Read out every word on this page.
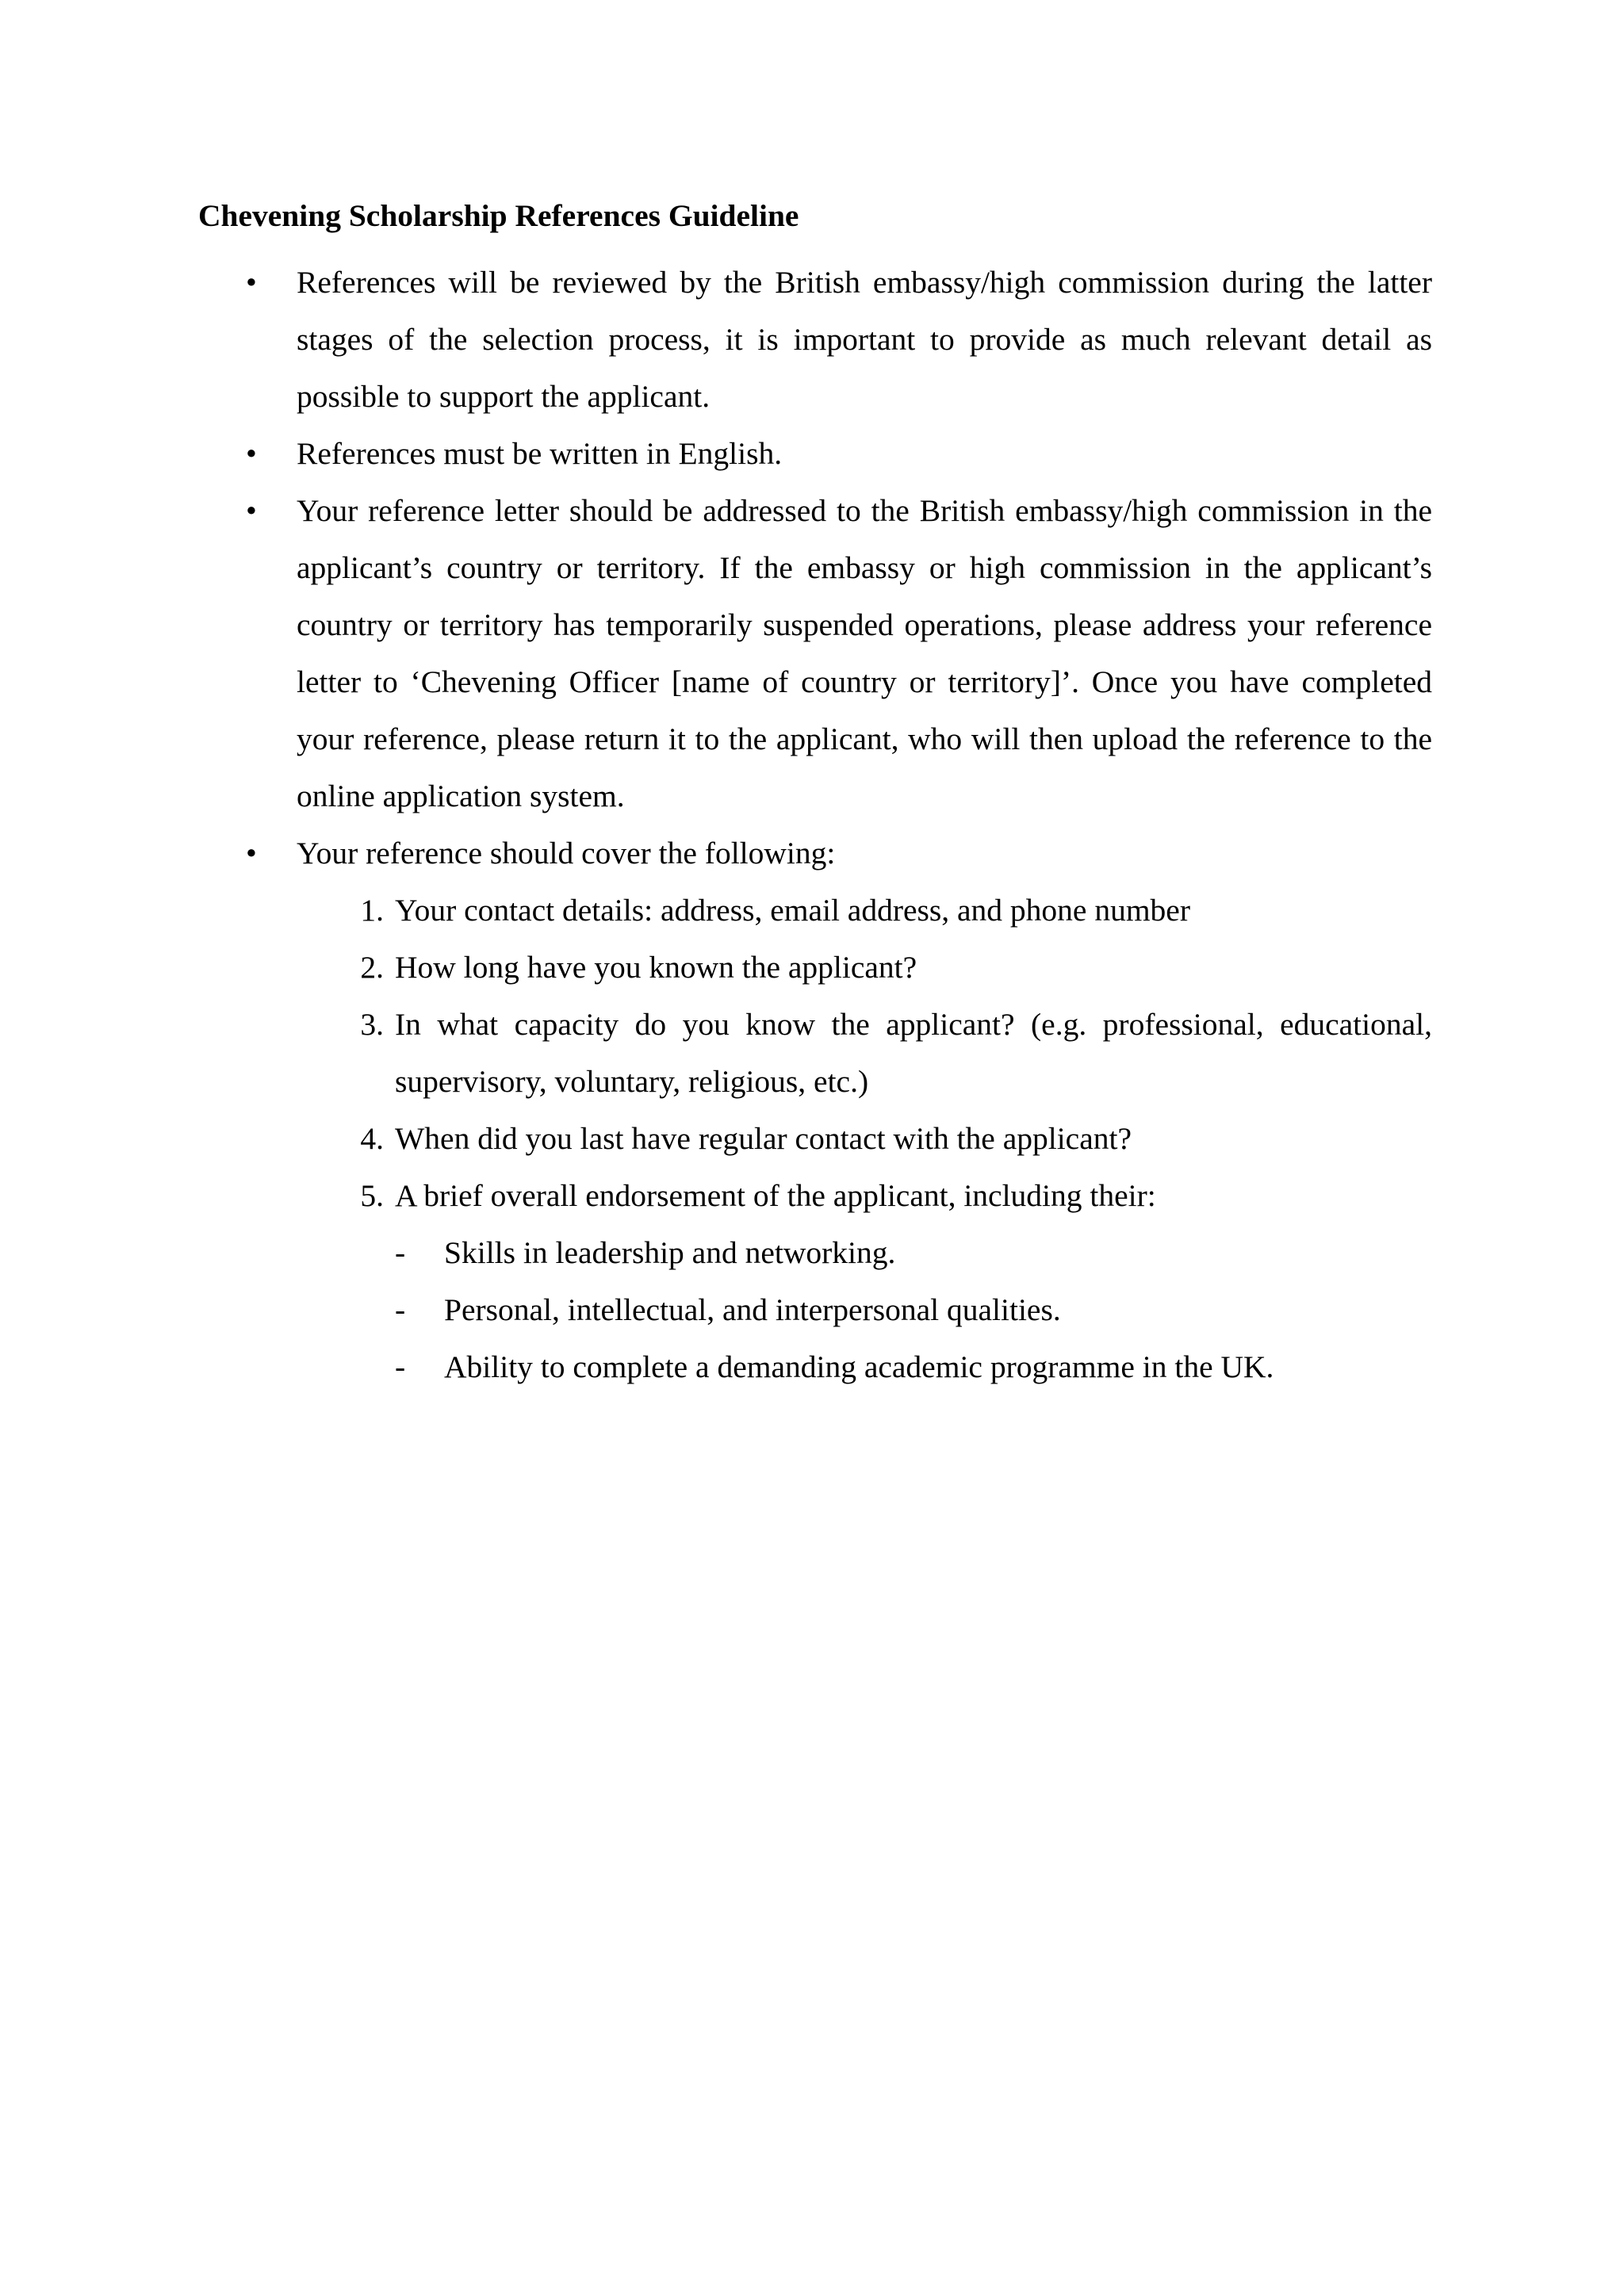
Chevening Scholarship References Guideline
•	References will be reviewed by the British embassy/high commission during the latter stages of the selection process, it is important to provide as much relevant detail as possible to support the applicant.
•	References must be written in English.
•	Your reference letter should be addressed to the British embassy/high commission in the applicant’s country or territory. If the embassy or high commission in the applicant’s country or territory has temporarily suspended operations, please address your reference letter to ‘Chevening Officer [name of country or territory]’. Once you have completed your reference, please return it to the applicant, who will then upload the reference to the online application system.
•	Your reference should cover the following:
1. Your contact details: address, email address, and phone number
2. How long have you known the applicant?
3. In what capacity do you know the applicant? (e.g. professional, educational, supervisory, voluntary, religious, etc.)
4. When did you last have regular contact with the applicant?
5. A brief overall endorsement of the applicant, including their:
- Skills in leadership and networking.
- Personal, intellectual, and interpersonal qualities.
- Ability to complete a demanding academic programme in the UK.
